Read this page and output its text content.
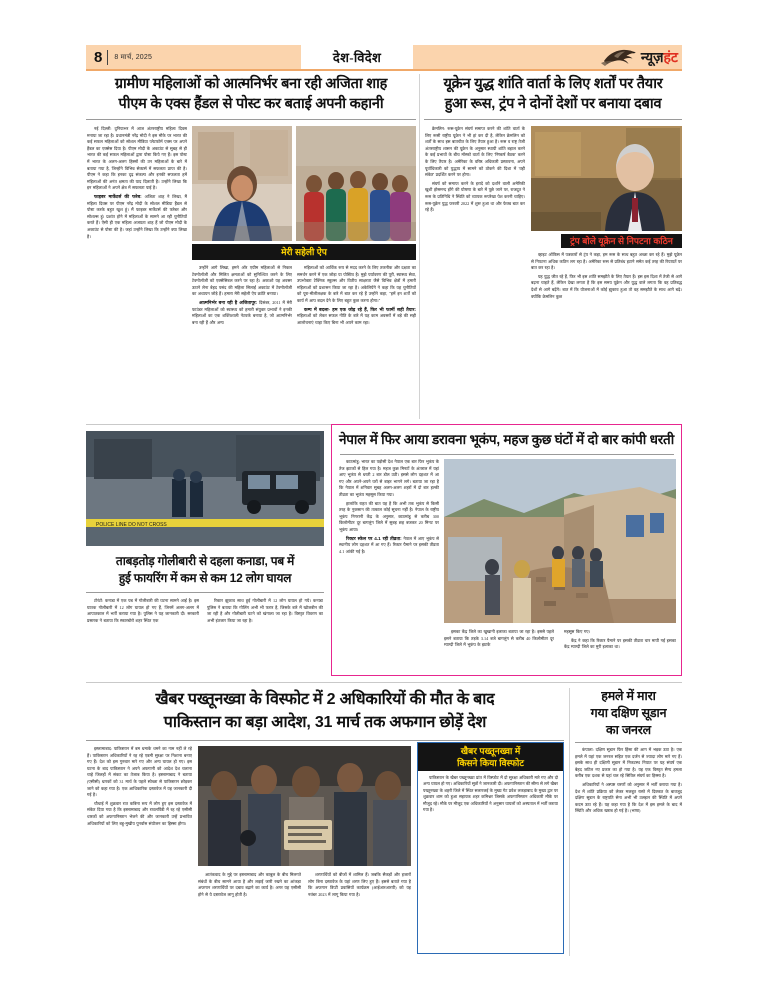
8	8 मार्च, 2025	देश-विदेश	न्यूज़हंट
ग्रामीण महिलाओं को आत्मनिर्भर बना रही अजिता शाह
पीएम के एक्स हैंडल से पोस्ट कर बताई अपनी कहानी
यूक्रेन युद्ध शांति वार्ता के लिए शर्तों पर तैयार
हुआ रूस, ट्रंप ने दोनों देशों पर बनाया दबाव

नई दिल्ली: दुनियाभर में आज अंतरराष्ट्रीय महिला दिवस मनाया जा रहा है। प्रधानमंत्री नरेंद्र मोदी ने इस मौके पर भारत की कई सफल महिलाओं को सोशल मीडिया प्लेटफॉर्म एक्स पर अपने हैंडल का एक्सेस दिया है। पीएम मोदी के अकाउंट से सुबह से ही भारत की कई सफल महिलाओं द्वारा पोस्ट किये गए हैं। इस पोस्ट में भारत के अलग-अलग हिस्सों की उन महिलाओं के बारे में बताया गया है, जिन्होंने विभिन्न सेक्टर्स में सफलता प्राप्त की है। पीएम ने कहा कि इनका दृढ़ संकल्प और इनकी सफलता हमें महिलाओं की अनंत क्षमता की याद दिलाती है। उन्होंने लिखा कि इन महिलाओं ने अपने क्षेत्र में सफलता पाई है।

फाइबर मार्केटर्स की फरेब: अजिता शाह ने लिखा, मैं महिला दिवस पर पीएम नरेंद्र मोदी के सोशल मीडिया हैंडल से पोस्ट करके बहुत खुश हूं। मैं फाइबर मार्केटर्स की फरेबर और सोशल्स हूं। प्रशांत होने में महिलाओं के सामने आ रही चुनौतियों करते हैं। ऐसी ही एक महिला अजयता शाह हैं जो पीएम मोदी के अकाउंट से पोस्ट की है। जहां उन्होंने लिखा कि उन्होंने क्या लिखा है।

मेरी सहेली ऐप

उन्होंने आगे लिखा, हमने ऑर एग्रीम महिलाओं से निकल टेक्नोलॉजी और मिलित क्षमताओं को सुनिश्चित करने के लिए टेक्नोलॉजी को एक्सेसिबल करने पर रहा है। अकाशो यह अवसर उठाने लेना बेहद पसंद की महिला सिलाई अकाउंट में टेक्नोलॉजी का अध्ययन जोड़े हैं। हमारा मेरी सहेली ऐप क्रांति बनाया।

आत्मनिर्भर बना रही है अजितापूर: दिसंबर, 2011 में मेरी फाउंडर महिलाओं को स्वास्थ्य को हमारी संयुक्त प्रभावों ने इनकी महिलाओं का एक शक्तिशाली नेटवर्क बनाया है, जो आत्मनिर्भर बना रही हैं और अन्य

महिलाओं को आर्थिक रूप से मदद करने के लिए तकनीक और दक्षता का समर्थन करने में एक जोड़ा या पोस्टिव है। मुझे पर्यावरण की पूरी, स्वास्थ्य सेवा, उपभोक्ता टेक्निक स्कूल्स और वितीय साक्षरता जैसे विभिन्न क्षेत्रों में हमारी महिलाओं को प्रशासन किया जा रहा है। अकेलियेंगे ने कहा कि यह चुनौतियों को पूरा-मीलीलक्षक के बारे में बात कर रहे हैं उन्होंने कहा, "हमें इन शर्तों को कार्य में आप बदल देने के लिए बहुत कुछ करना होगा।"

कम्प में बदला- हम एक जोड़ रहे हैं, फिर भी फार्मी सही तैयार: महिलाओं को लेकर सफल नीति के बारे में यह काम अवसरों में बड़े की सही आलोचनाएं चाहा किए बिना भी अपने काम रहा।

क्रेमलिन: रूस-यूक्रेन संघर्ष समाप्त करने की शांति वार्ता के लिए रूसी राष्ट्रीय यूक्रेन ने भी हां कर दी है, लेकिन क्रेमलिन को शर्तों के साथ इस बातचीत के लिए तैयार हुआ है। रूस व राष्ट्र तेजी अंतरराष्ट्रीय शासन की यूक्रेन के अनुसार स्थायी शांति बहाल करने के कई प्रभावों के बीच मॉस्को वार्ता के लिए 'निष्कर्ष बैठक' करने के लिए तैयार है। अमेरिका के वरिष्ठ अधिकारी प्रस्तावना, अपने पूर्वाधिकारी को युद्धाय में सामने को ठोकने की दिशा में 'वही संकेत' प्रदर्शित करने पर होगा।

संघर्ष को समाप्त करने के इरादे को दर्शाने वाली अमेरिकी खुशी होसमन्द होंगे की घोषणा के बारे में पूछे जाने पर, राजदूत ने रूस के प्रतिनिधि ने स्थिति को व्यापक रूपरेखा पेश करनी चाहिए। रूस-यूक्रेन युद्ध फरवरी 2022 में शुरू हुआ था और फेक्ड बात कर रहे हैं।

ट्रंप बोले यूक्रेन से निपटना कठिन

व्हाइट ऑफिस में पत्रकारों से ट्रंप ने कहा, हम रूस के साथ बहुत अच्छा कर रहे हैं। मुझे यूक्रेन से निपटना अधिक कठिन लग रहा है। अमेरिका रूस से प्रतिबंध हटाने समेत कई तरह की रियायतें पर बात कर रहा है।

यह युद्ध जीत रहे हैं, फिर भी इस शांति समझौते के लिए तैयार हैं। इस इस दिशा में तेजी से आगे बढ़ना चाहते हैं, लेकिन देखा लगता है कि इस समय यूक्रेन और युद्ध वाले लगता कि वह प्रतिबद्ध देशों से आगे बढ़ेंगे। बात में कि योजनाओं में कोई झुकाव हुआ तो वह समझौते के साथ आगे बढ़े। क्योंकि क्रेमलिन कुछ

POLICE LINE DO NOT CROSS
ताबड़तोड़ गोलीबारी से दहला कनाडा, पब में
हुई फायरिंग में कम से कम 12 लोग घायल

टोरंटो: कनाडा में एक पब में गोलीबारी की घटना सामने आई है। इस घातक गोलीबारी में 12 लोग घायल हो गए हैं, जिनमें अलग-अलग में आपातकाल में भर्ती कराया गया है। पुलिस ने यह जानकारी दी। सरकारी प्रसारक ने बताया कि स्कारबोरो शहर स्थित एक

रिक्टर झुकाव साथ हुई गोलीबारी में 12 लोग घायल हो गये। कनाडा पुलिस ने बताया कि गोलिंग अभी भी फरार है, जिसके बारे में खोजबीन की जा रही है और गोलीबारी घटने को खंगाला जा रहा है। विस्तृत विवरण का अभी इंतजार किया जा रहा है।

नेपाल में फिर आया डरावना भूकंप, महज कुछ घंटों में दो बार कांपी धरती

काठमांडू: भारत का पड़ोसी देश नेपाल एक बार फिर भूकंप के तेज झटकों से हिल गया है। महज कुछ मिनटों के अंतराल में यहां आए भूकंप से धरती 2 बार डोल उठी। इससे लोग दहशत में आ गए और अपने-अपने घरों से बाहर भागने लगे। बताया जा रहा है कि नेपाल में शनिवार सुबह अलग-अलग शहरों में दो बार हल्की तीव्रता का भूकंप महसूस किया गया।

हालांकि राहत की बात यह है कि अभी तक भूकंप से किसी तरह के नुकसान की तत्काल कोई सूचना नहीं है। नेपाल के राष्ट्रीय भूकंप निगरानी केंद्र के अनुसार, काठमांडू से करीब 300 किलोमीटर दूर बागलुंग जिले में सुबह छह बजकर 20 मिनट पर भूकंप आया।

रिक्टर स्केल पर 4.1 रही तीव्रता: नेपाल में आए भूकंप से स्थानीय लोग दहशत में आ गए हैं। रिक्टर पैमाने पर इसकी तीव्रता 4.1 आंकी गई है।

इसका केंद्र जिले का खुखानी इलाका बताया जा रहा है। इससे पहले इसने बताया कि तड़के 3.14 बजे बागलुंग से करीब 40 किलोमीटर दूर म्याग्दी जिले में भूकंप के झटके

महसूस किए गए।

केंद्र ने कहा कि रिक्टर पैमाने पर इसकी तीव्रता चार मापी गई इसका केंद्र म्याग्दी जिले का मुरी इलाका था।

खैबर पख्तूनख्वा के विस्फोट में 2 अधिकारियों की मौत के बाद
पाकिस्तान का बड़ा आदेश, 31 मार्च तक अफगान छोड़ें देश

इस्लामाबाद: पाकिस्तान में बम धमाके थमने का नाम नहीं ले रहे हैं। पाकिस्तान अधिकारियों ने रह रहे एडमी सुरक्षा पर निशाना बनाए गए हैं। देश को इस गुरुवार मारे गए और अन्य घायल हो गए। इस घटना के बाद पाकिस्तान ने अपने अफगानी को आदेश देश चलाना चाहे जिलहों में संकट का तेजाब किया है। इस्लामाबाद ने बताया (एसीसी) धारकों को 31 मार्च के पहले स्वेच्छा से पाकिस्तान छोड़कर जाने को कहा गया है। एक आधिकारिक दस्तावेज में यह जानकारी दी गई है।

चौथाई में शुक्रवार रात कबिना रूप में लोग हुए इस दस्तावेज में संकेत दिया गया है कि इस्लामाबाद और रावलपिंडी में रह रहे एसीसी धारकों को अफगानिस्तान भेजने की और जानकारी उन्हें प्रभावित अधिकारियों को लिए बहु-मुखीय पुनर्वास संयोजन का हिस्सा होगा।

आतंकवाद के मुद्दे पर इस्लामाबाद और काबुल के बीच मिलगते संबंधों के बीच सामने आया है और लड़ाई जारी रखने का आंकड़ा अफगान शरणार्थियों पर दबाव बढ़ाने का कार्य है। अगर यह एसीसी होने से ये दस्तावेज लागू होती है।

शरणार्थियों को बीजों में शामिल हैं। जबकि सैकड़ों और हजारों लोग बिना दस्तावेज के यहां शरण लिए हुए हैं। इससे बताते गया है कि अफगान डिप्टी प्रवासियों कार्यक्रम (आईआरआरपी) को यह नवंबर 2023 में लागू किया गया है।

खैबर पख्तूनख्वा में
किसने किया विस्फोट

पाकिस्तान के खैबर पख्तूनख्वा प्रांत में विस्फोट में दो सुरक्षा अधिकारी मारे गए और दो अन्य घायल हो गए। अधिकारियों सूत्रों ने जानकारी दी। अफगानिस्तान की सीमा से लगे खैबर पख्तूनख्वा के शहरी जिले में स्थित सलारजई के मुख्य गेट प्रवेश लकड़ाबाद के मुख्य द्वार पर शुक्रवार शाम को हुआ सहायक शहर कमिश्नर जिसके अफगानिस्तान अधिकारी मौके पर मौजूद रहे। मौके पर मौजूद एक अधिकारियों ने अनुसार घायलों को अस्पताल में भर्ती कराया गया है।

हमले में मारा
गया दक्षिण सूडान
का जनरल

कंपाला: दक्षिण सूडान फिर हिंसा की आग में भड़क उठा है। एक हमले में यहां एक जनरल सहित एक दर्जन से ज्यादा लोग मारे गए हैं। इसके साथ ही दक्षिणी सूडान में निकटस्थ नियात पर यह संघर्ष एक बेहद जटिल नए प्रकार का हो गया है। यह एक विस्तृत सैन्य हमला करीब एक दशक से यहां चल रहे सिविल संघर्ष का हिस्सा है।

अधिकारियों ने अस्पष्ट चरणों को अनुसार में भर्ती कराया गया है। देश में शांति प्रक्रिया को लेकर मजबूत रास्ते में दिक्कत के बावजूद दक्षिण सूडान के राष्ट्रपति सेना अभी भी उलझन की स्थिति में अपने कदम उठा रहे हैं। यह कहा गया है कि देश में इस हमले के बाद में स्थिति और अधिक खराब हो गई है। (भाषा)
